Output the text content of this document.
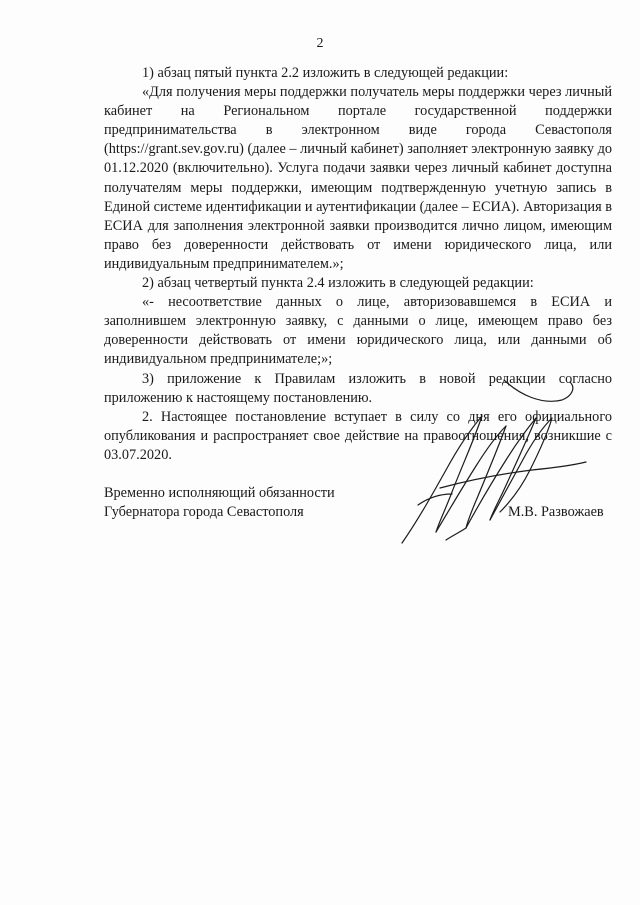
2

1) абзац пятый пункта 2.2 изложить в следующей редакции:

«Для получения меры поддержки получатель меры поддержки через личный кабинет на Региональном портале государственной поддержки предпринимательства в электронном виде города Севастополя (https://grant.sev.gov.ru) (далее – личный кабинет) заполняет электронную заявку до 01.12.2020 (включительно). Услуга подачи заявки через личный кабинет доступна получателям меры поддержки, имеющим подтвержденную учетную запись в Единой системе идентификации и аутентификации (далее – ЕСИА). Авторизация в ЕСИА для заполнения электронной заявки производится лично лицом, имеющим право без доверенности действовать от имени юридического лица, или индивидуальным предпринимателем.»;

2) абзац четвертый пункта 2.4 изложить в следующей редакции:

«- несоответствие данных о лице, авторизовавшемся в ЕСИА и заполнившем электронную заявку, с данными о лице, имеющем право без доверенности действовать от имени юридического лица, или данными об индивидуальном предпринимателе;»;

3) приложение к Правилам изложить в новой редакции согласно приложению к настоящему постановлению.

2. Настоящее постановление вступает в силу со дня его официального опубликования и распространяет свое действие на правоотношения, возникшие с 03.07.2020.

Временно исполняющий обязанности
Губернатора города Севастополя	М.В. Развожаев
